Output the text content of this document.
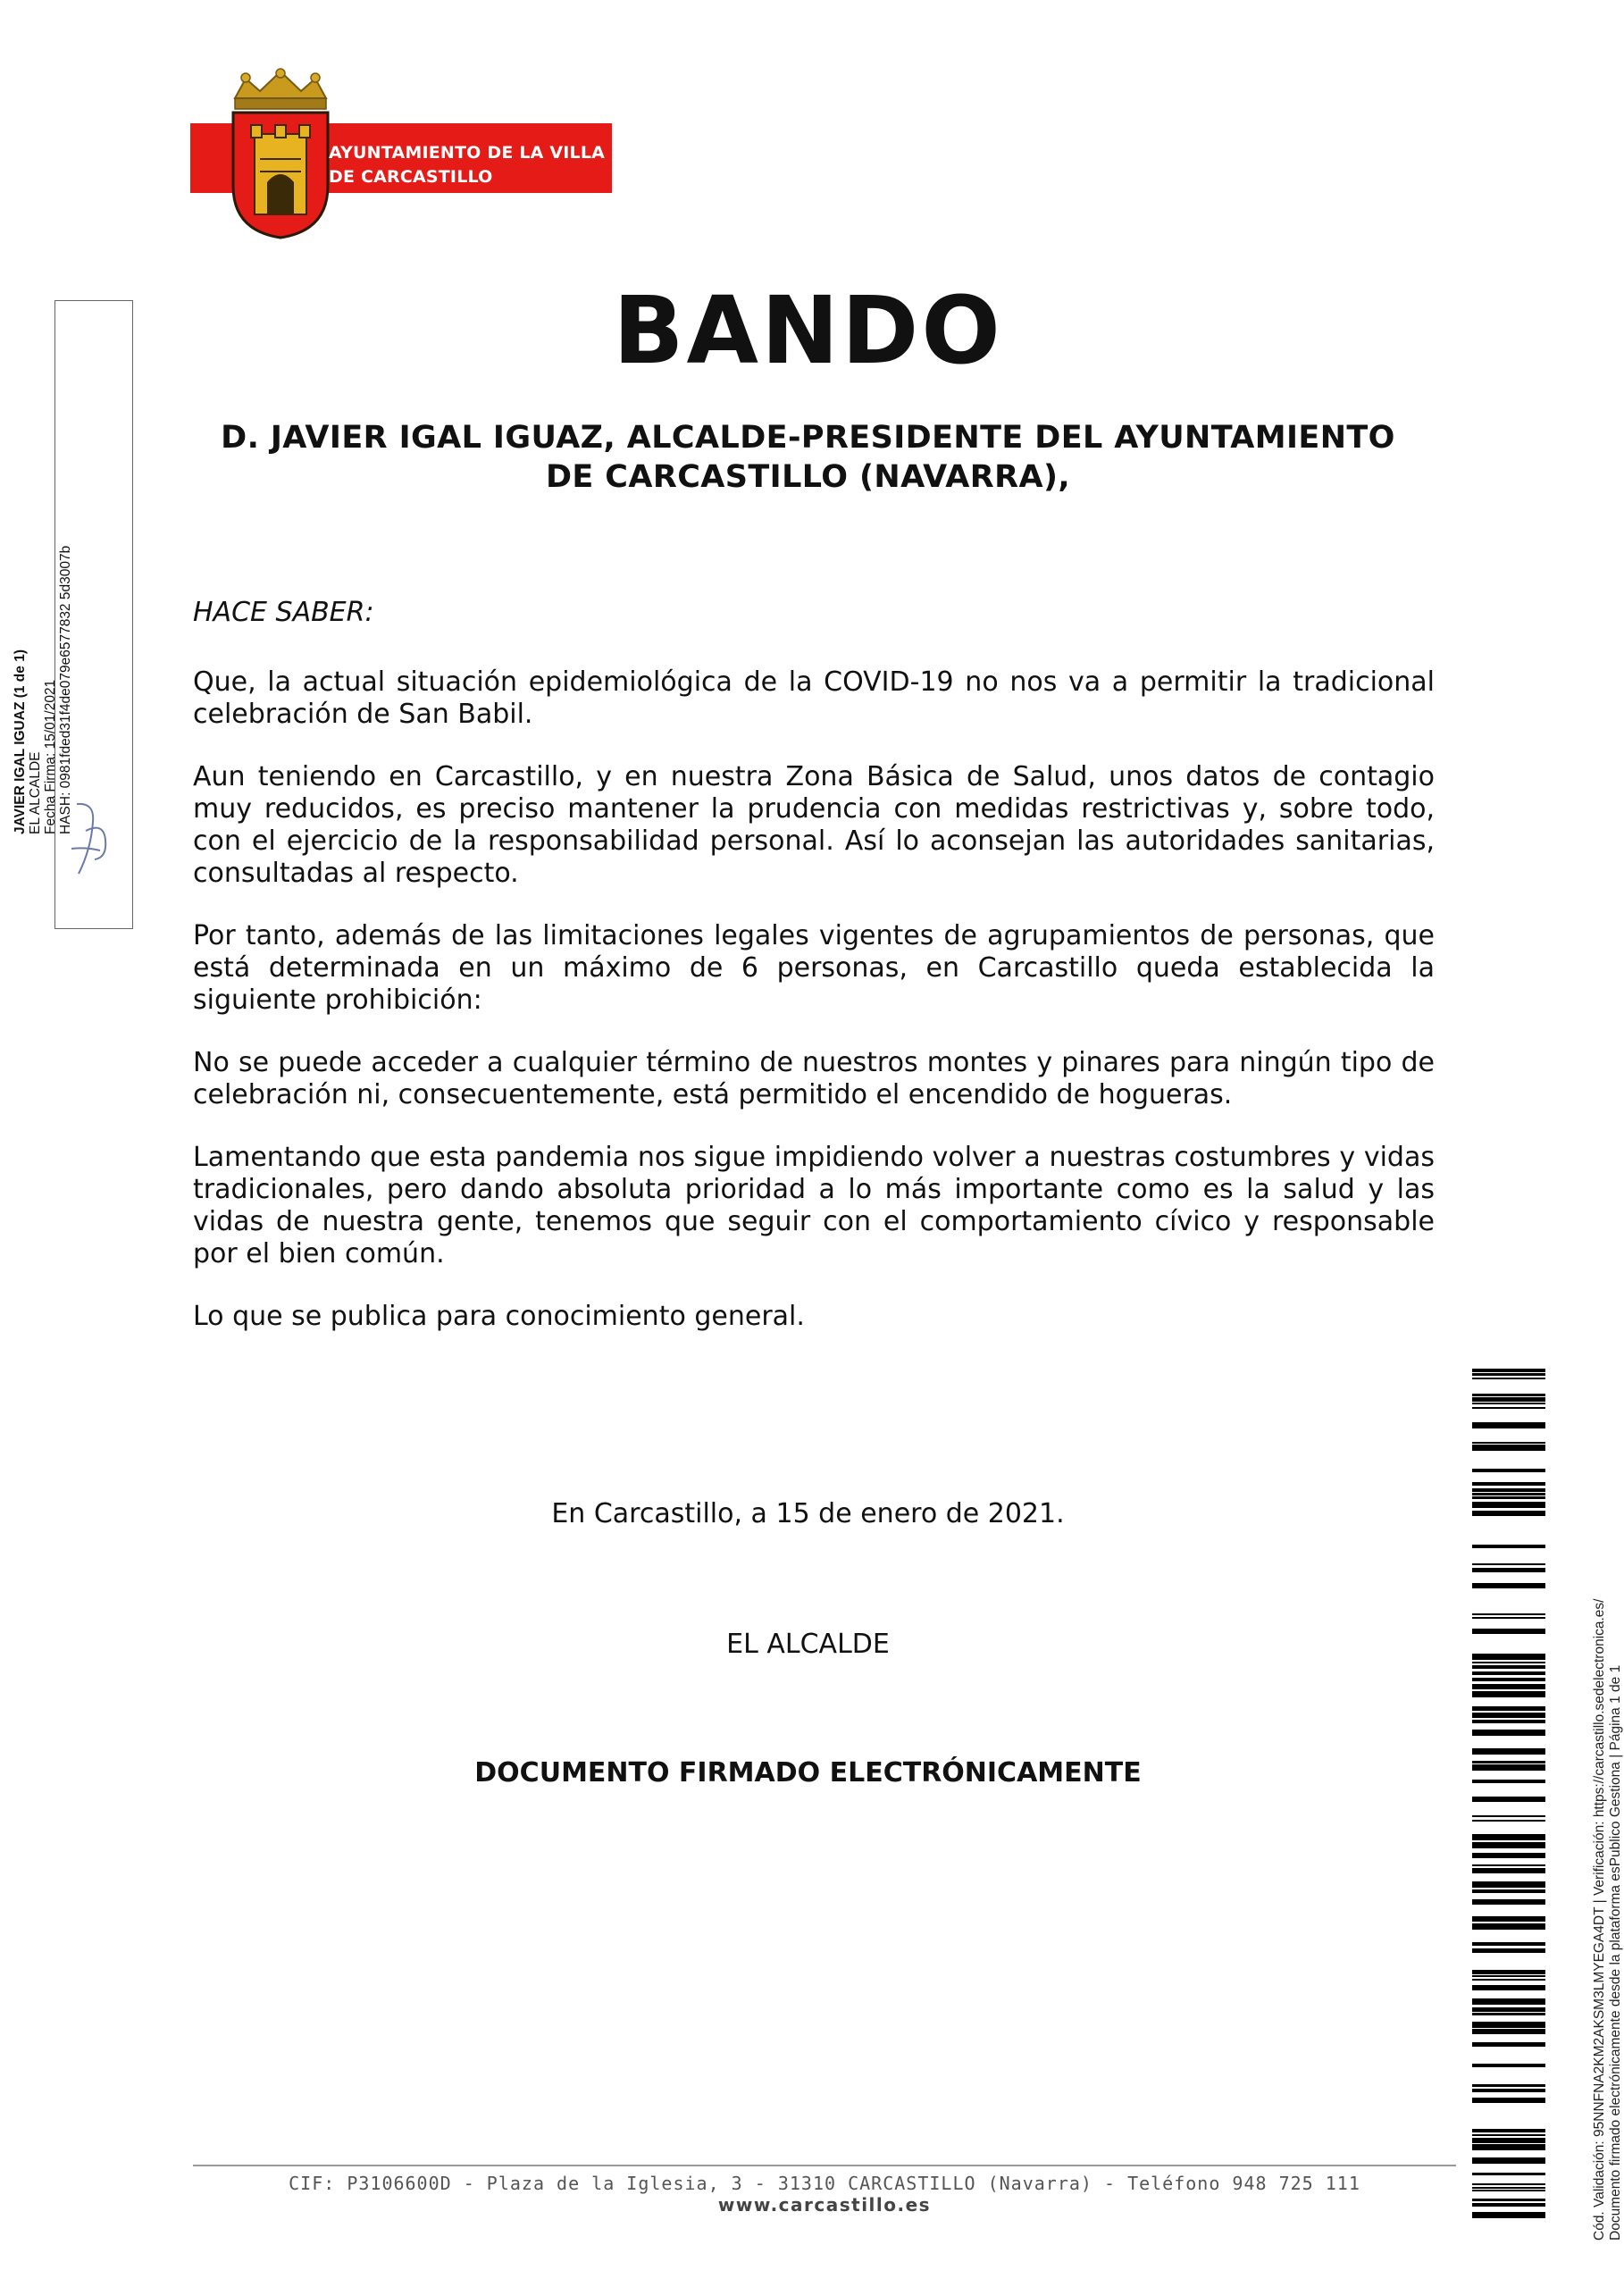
AYUNTAMIENTO DE LA VILLA
DE CARCASTILLO
BANDO
D. JAVIER IGAL IGUAZ, ALCALDE-PRESIDENTE DEL AYUNTAMIENTO
DE CARCASTILLO (NAVARRA),

HACE SABER:

Que, la actual situación epidemiológica de la COVID-19 no nos va a permitir la tradicional celebración de San Babil.

Aun teniendo en Carcastillo, y en nuestra Zona Básica de Salud, unos datos de contagio muy reducidos, es preciso mantener la prudencia con medidas restrictivas y, sobre todo, con el ejercicio de la responsabilidad personal. Así lo aconsejan las autoridades sanitarias, consultadas al respecto.

Por tanto, además de las limitaciones legales vigentes de agrupamientos de personas, que está determinada en un máximo de 6 personas, en Carcastillo queda establecida la siguiente prohibición:

No se puede acceder a cualquier término de nuestros montes y pinares para ningún tipo de celebración ni, consecuentemente, está permitido el encendido de hogueras.

Lamentando que esta pandemia nos sigue impidiendo volver a nuestras costumbres y vidas tradicionales, pero dando absoluta prioridad a lo más importante como es la salud y las vidas de nuestra gente, tenemos que seguir con el comportamiento cívico y responsable por el bien común.

Lo que se publica para conocimiento general.

En Carcastillo, a 15 de enero de 2021.
EL ALCALDE
DOCUMENTO FIRMADO ELECTRÓNICAMENTE
JAVIER IGAL IGUAZ (1 de 1) EL ALCALDE Fecha Firma: 15/01/2021 HASH: 0981fded31f4de079e6577832 5d3007b
Cód. Validación: 95NNFNA2KM2AKSM3LMYEGA4DT | Verificación: https://carcastillo.sedelectronica.es/ Documento firmado electrónicamente desde la plataforma esPublico Gestiona | Página 1 de 1
CIF: P3106600D - Plaza de la Iglesia, 3 - 31310 CARCASTILLO (Navarra) - Teléfono 948 725 111
www.carcastillo.es
